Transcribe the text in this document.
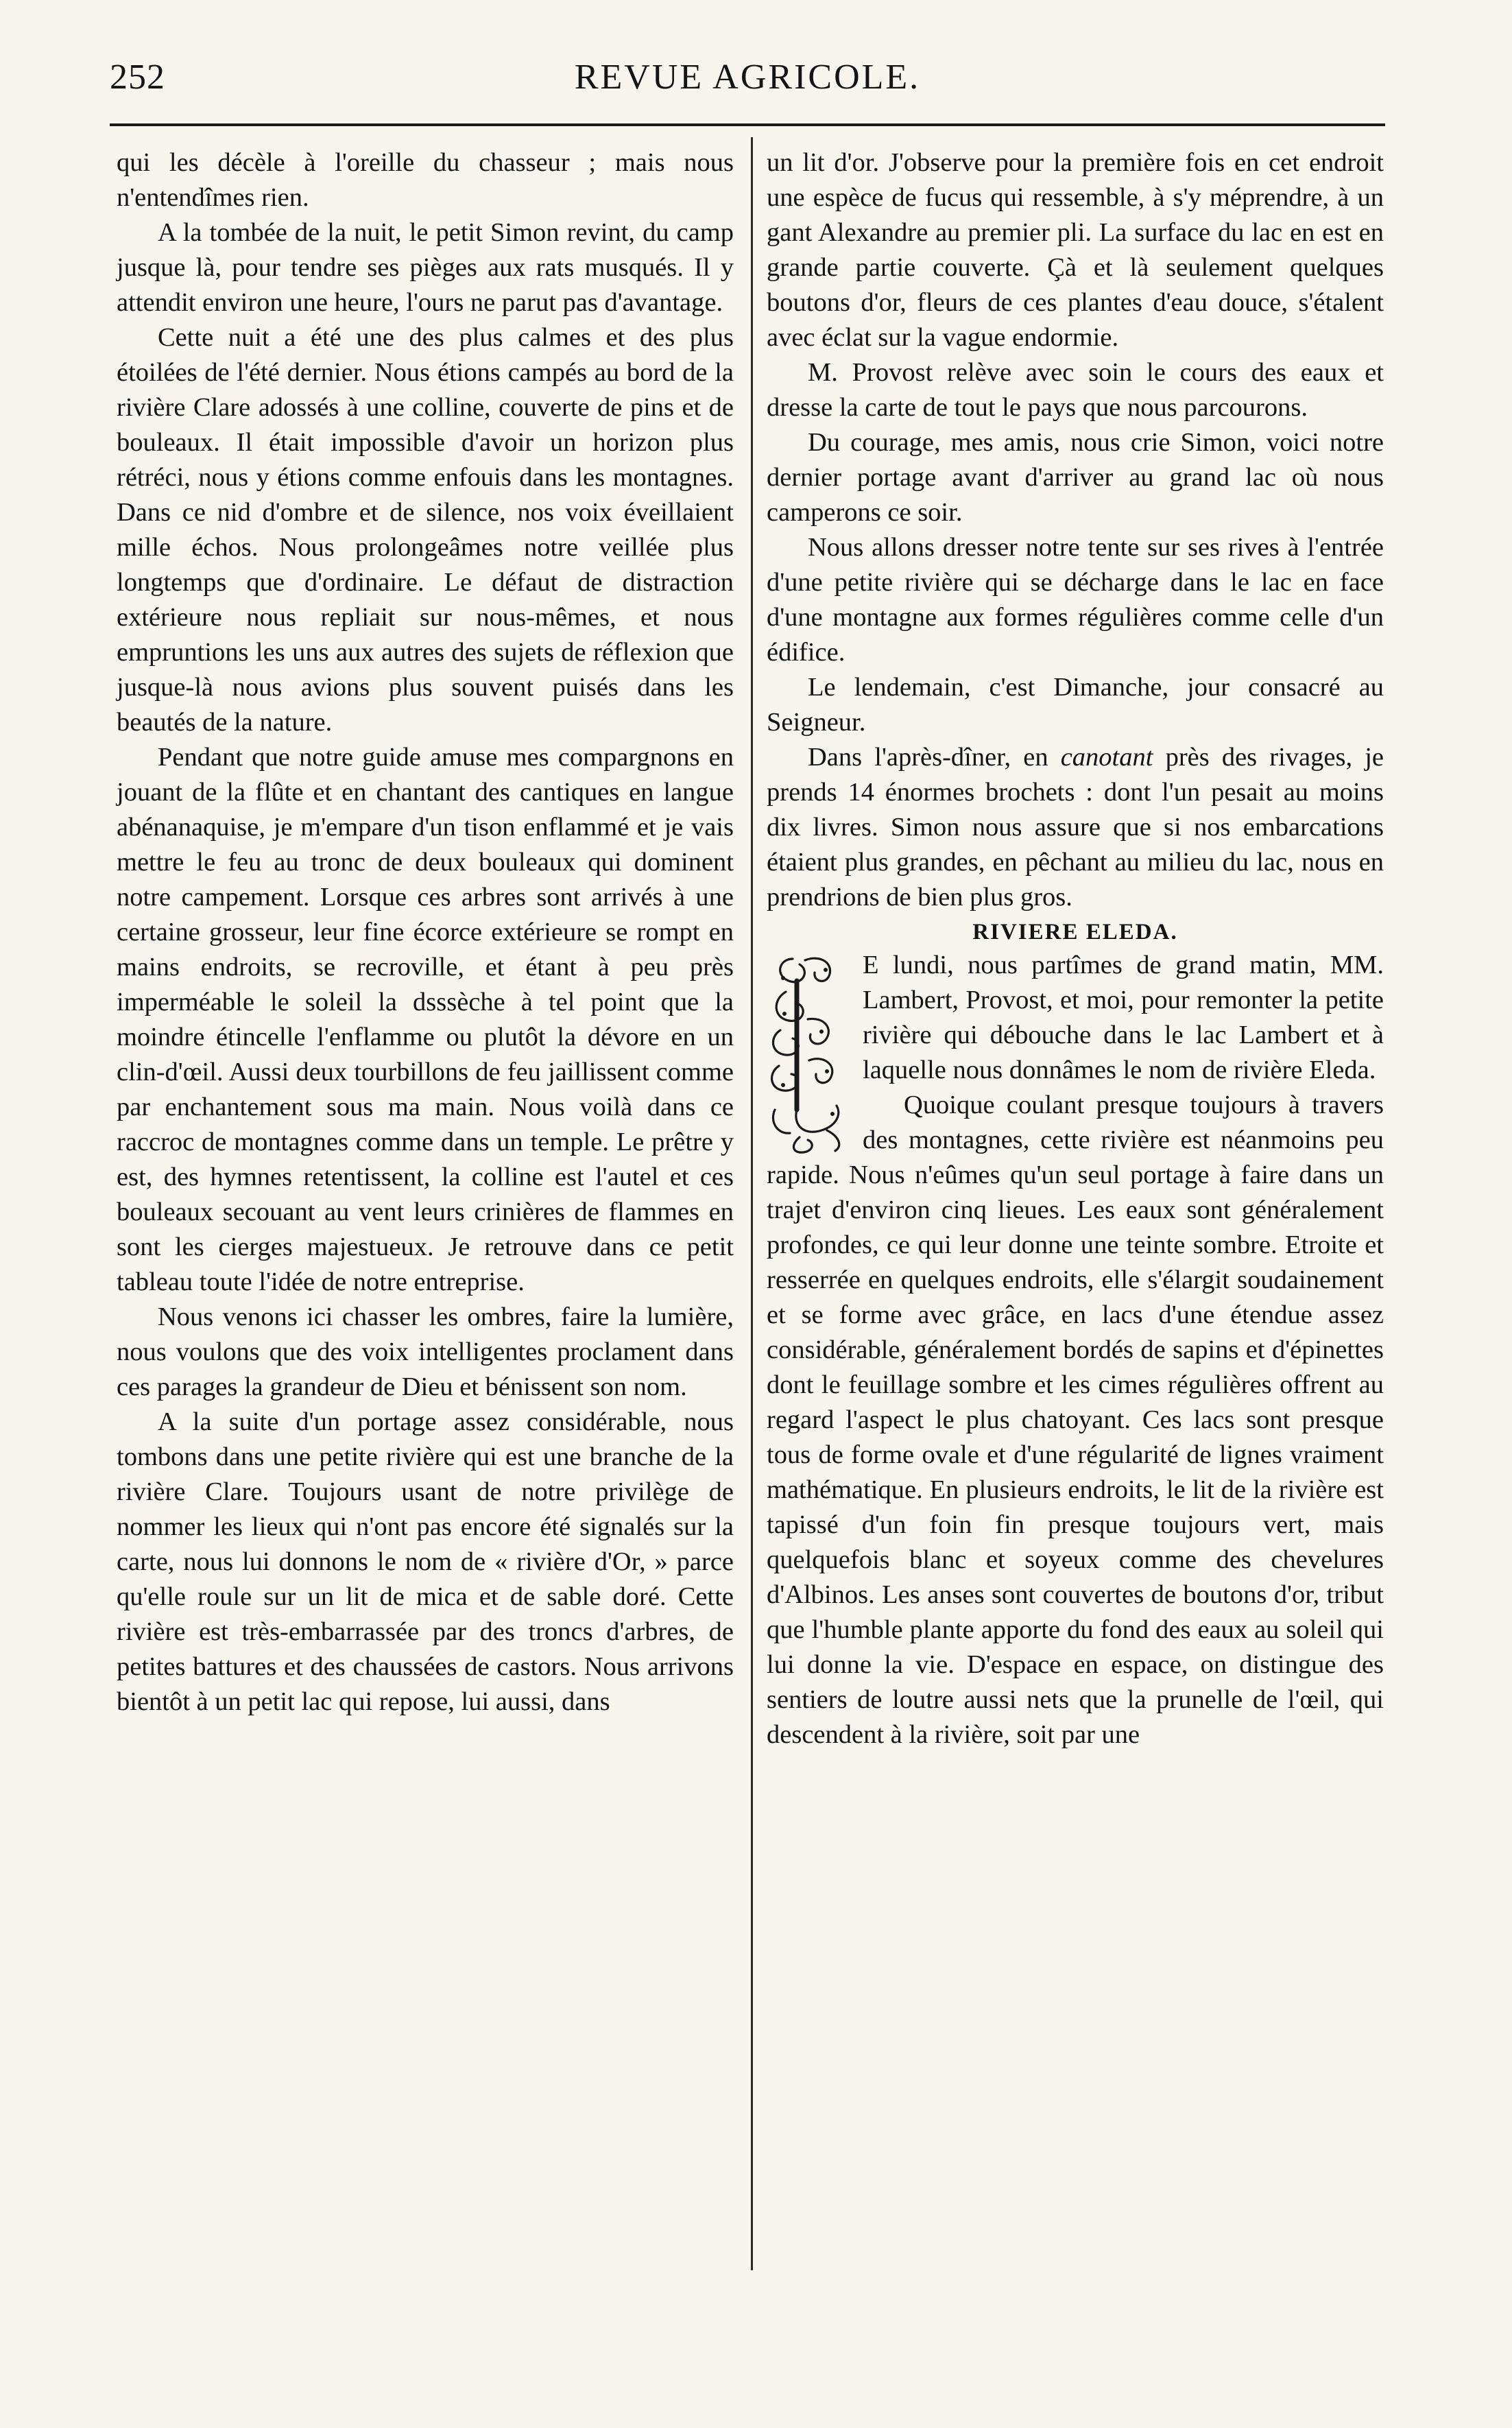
252	REVUE AGRICOLE.

qui les décèle à l'oreille du chasseur ; mais nous n'entendîmes rien.

A la tombée de la nuit, le petit Simon revint, du camp jusque là, pour tendre ses pièges aux rats musqués. Il y attendit environ une heure, l'ours ne parut pas d'avantage.

Cette nuit a été une des plus calmes et des plus étoilées de l'été dernier. Nous étions campés au bord de la rivière Clare adossés à une colline, couverte de pins et de bouleaux. Il était impossible d'avoir un horizon plus rétréci, nous y étions comme enfouis dans les montagnes. Dans ce nid d'ombre et de silence, nos voix éveillaient mille échos. Nous prolongeâmes notre veillée plus longtemps que d'ordinaire. Le défaut de distraction extérieure nous repliait sur nous-mêmes, et nous empruntions les uns aux autres des sujets de réflexion que jusque-là nous avions plus souvent puisés dans les beautés de la nature.

Pendant que notre guide amuse mes compargnons en jouant de la flûte et en chantant des cantiques en langue abénanaquise, je m'empare d'un tison enflammé et je vais mettre le feu au tronc de deux bouleaux qui dominent notre campement. Lorsque ces arbres sont arrivés à une certaine grosseur, leur fine écorce extérieure se rompt en mains endroits, se recroville, et étant à peu près imperméable le soleil la dsssèche à tel point que la moindre étincelle l'enflamme ou plutôt la dévore en un clin-d'œil. Aussi deux tourbillons de feu jaillissent comme par enchantement sous ma main. Nous voilà dans ce raccroc de montagnes comme dans un temple. Le prêtre y est, des hymnes retentissent, la colline est l'autel et ces bouleaux secouant au vent leurs crinières de flammes en sont les cierges majestueux. Je retrouve dans ce petit tableau toute l'idée de notre entreprise.

Nous venons ici chasser les ombres, faire la lumière, nous voulons que des voix intelligentes proclament dans ces parages la grandeur de Dieu et bénissent son nom.

A la suite d'un portage assez considérable, nous tombons dans une petite rivière qui est une branche de la rivière Clare. Toujours usant de notre privilège de nommer les lieux qui n'ont pas encore été signalés sur la carte, nous lui donnons le nom de « rivière d'Or, » parce qu'elle roule sur un lit de mica et de sable doré. Cette rivière est très-embarrassée par des troncs d'arbres, de petites battures et des chaussées de castors. Nous arrivons bientôt à un petit lac qui repose, lui aussi, dans

un lit d'or. J'observe pour la première fois en cet endroit une espèce de fucus qui ressemble, à s'y méprendre, à un gant Alexandre au premier pli. La surface du lac en est en grande partie couverte. Çà et là seulement quelques boutons d'or, fleurs de ces plantes d'eau douce, s'étalent avec éclat sur la vague endormie.

M. Provost relève avec soin le cours des eaux et dresse la carte de tout le pays que nous parcourons.

Du courage, mes amis, nous crie Simon, voici notre dernier portage avant d'arriver au grand lac où nous camperons ce soir.

Nous allons dresser notre tente sur ses rives à l'entrée d'une petite rivière qui se décharge dans le lac en face d'une montagne aux formes régulières comme celle d'un édifice.

Le lendemain, c'est Dimanche, jour consacré au Seigneur.

Dans l'après-dîner, en canotant près des rivages, je prends 14 énormes brochets : dont l'un pesait au moins dix livres. Simon nous assure que si nos embarcations étaient plus grandes, en pêchant au milieu du lac, nous en prendrions de bien plus gros.

RIVIERE ELEDA.
L	E lundi, nous partîmes de grand matin, MM. Lambert, Provost, et moi, pour remonter la petite rivière qui débouche dans le lac Lambert et à laquelle nous donnâmes le nom de rivière Eleda.

Quoique coulant presque toujours à travers des montagnes, cette rivière est néanmoins peu rapide. Nous n'eûmes qu'un seul portage à faire dans un trajet d'environ cinq lieues. Les eaux sont généralement profondes, ce qui leur donne une teinte sombre. Etroite et resserrée en quelques endroits, elle s'élargit soudainement et se forme avec grâce, en lacs d'une étendue assez considérable, généralement bordés de sapins et d'épinettes dont le feuillage sombre et les cimes régulières offrent au regard l'aspect le plus chatoyant. Ces lacs sont presque tous de forme ovale et d'une régularité de lignes vraiment mathématique. En plusieurs endroits, le lit de la rivière est tapissé d'un foin fin presque toujours vert, mais quelquefois blanc et soyeux comme des chevelures d'Albinos. Les anses sont couvertes de boutons d'or, tribut que l'humble plante apporte du fond des eaux au soleil qui lui donne la vie. D'espace en espace, on distingue des sentiers de loutre aussi nets que la prunelle de l'œil, qui descendent à la rivière, soit par une
